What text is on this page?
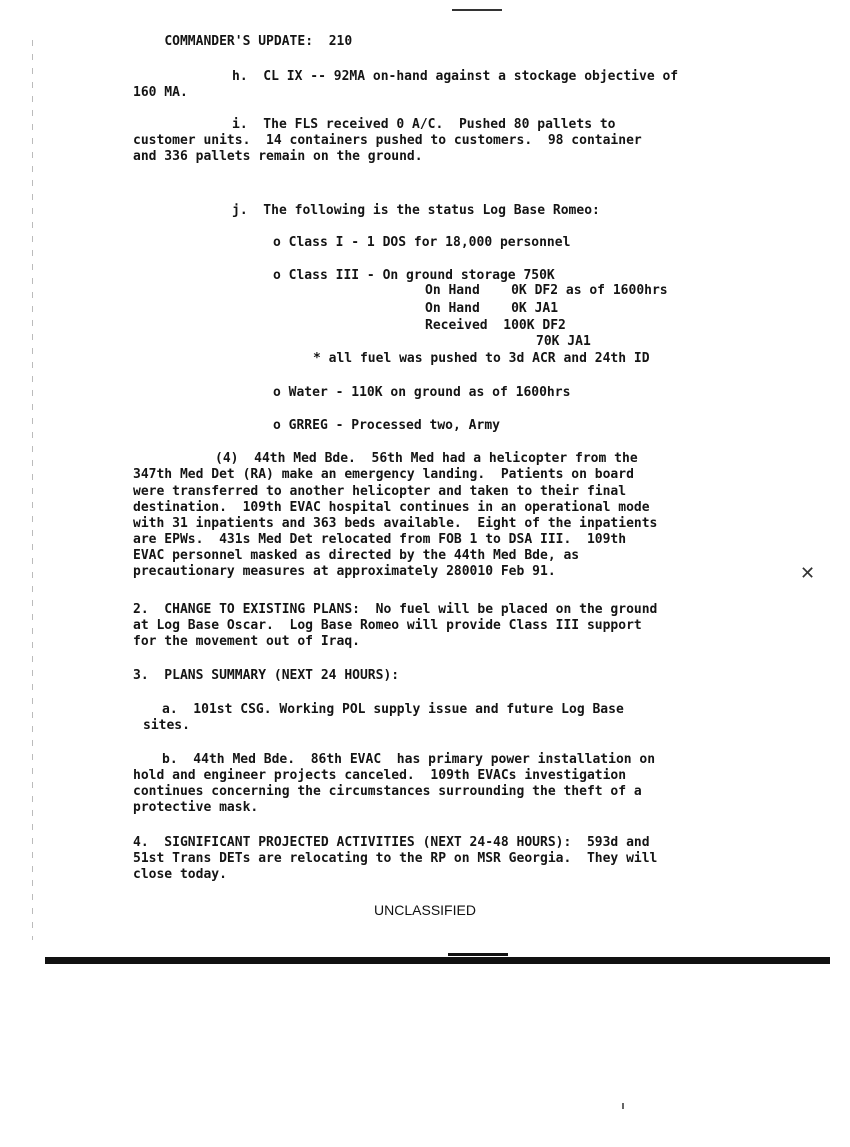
COMMANDER'S UPDATE: 210

h.  CL IX -- 92MA on-hand against a stockage objective of
160 MA.
i.  The FLS received 0 A/C.  Pushed 80 pallets to
customer units.  14 containers pushed to customers.  98 container
and 336 pallets remain on the ground.
j.  The following is the status Log Base Romeo:
o Class I - 1 DOS for 18,000 personnel
o Class III - On ground storage 750K
On Hand    0K DF2 as of 1600hrs
On Hand    0K JA1
Received  100K DF2
70K JA1
* all fuel was pushed to 3d ACR and 24th ID
o Water - 110K on ground as of 1600hrs
o GRREG - Processed two, Army
(4)  44th Med Bde.  56th Med had a helicopter from the
347th Med Det (RA) make an emergency landing.  Patients on board
were transferred to another helicopter and taken to their final
destination.  109th EVAC hospital continues in an operational mode
with 31 inpatients and 363 beds available.  Eight of the inpatients
are EPWs.  431s Med Det relocated from FOB 1 to DSA III.  109th
EVAC personnel masked as directed by the 44th Med Bde, as
precautionary measures at approximately 280010 Feb 91.	✕
2.  CHANGE TO EXISTING PLANS:  No fuel will be placed on the ground
at Log Base Oscar.  Log Base Romeo will provide Class III support
for the movement out of Iraq.
3.  PLANS SUMMARY (NEXT 24 HOURS):
a.  101st CSG. Working POL supply issue and future Log Base
sites.
b.  44th Med Bde.  86th EVAC  has primary power installation on
hold and engineer projects canceled.  109th EVACs investigation
continues concerning the circumstances surrounding the theft of a
protective mask.
4.  SIGNIFICANT PROJECTED ACTIVITIES (NEXT 24-48 HOURS):  593d and
51st Trans DETs are relocating to the RP on MSR Georgia.  They will
close today.
UNCLASSIFIED
